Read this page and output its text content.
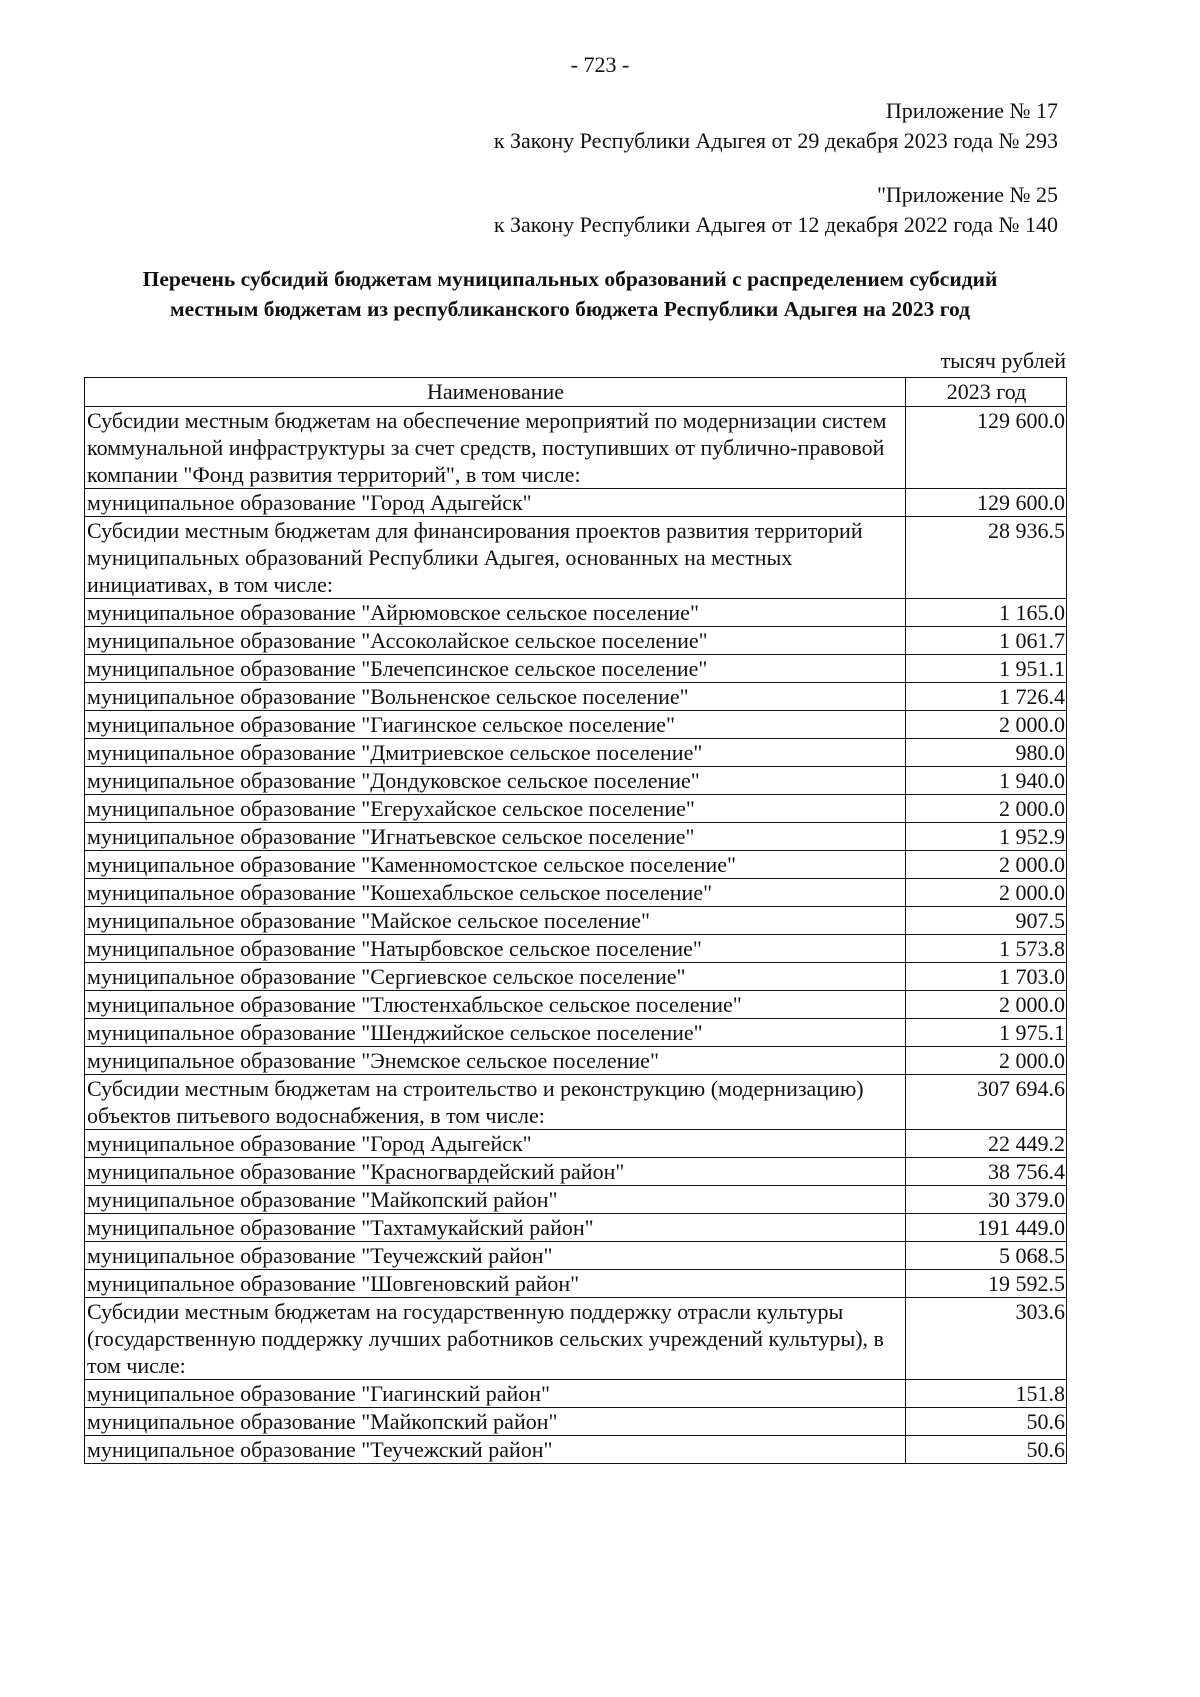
- 723 -
Приложение № 17
к Закону Республики Адыгея от 29 декабря 2023 года № 293
"Приложение № 25
к Закону Республики Адыгея от 12 декабря 2022 года № 140
Перечень субсидий бюджетам муниципальных образований с распределением субсидий
местным бюджетам из республиканского бюджета Республики Адыгея на 2023 год
тысяч рублей
Наименование	2023 год
Субсидии местным бюджетам на обеспечение мероприятий по модернизации систем коммунальной инфраструктуры за счет средств, поступивших от публично-правовой компании "Фонд развития территорий", в том числе:	129 600.0
муниципальное образование "Город Адыгейск"	129 600.0
Субсидии местным бюджетам для финансирования проектов развития территорий муниципальных образований Республики Адыгея, основанных на местных инициативах, в том числе:	28 936.5
муниципальное образование "Айрюмовское сельское поселение"	1 165.0
муниципальное образование "Ассоколайское сельское поселение"	1 061.7
муниципальное образование "Блечепсинское сельское поселение"	1 951.1
муниципальное образование "Вольненское сельское поселение"	1 726.4
муниципальное образование "Гиагинское сельское поселение"	2 000.0
муниципальное образование "Дмитриевское сельское поселение"	980.0
муниципальное образование "Дондуковское сельское поселение"	1 940.0
муниципальное образование "Егерухайское сельское поселение"	2 000.0
муниципальное образование "Игнатьевское сельское поселение"	1 952.9
муниципальное образование "Каменномостское сельское поселение"	2 000.0
муниципальное образование "Кошехабльское сельское поселение"	2 000.0
муниципальное образование "Майское сельское поселение"	907.5
муниципальное образование "Натырбовское сельское поселение"	1 573.8
муниципальное образование "Сергиевское сельское поселение"	1 703.0
муниципальное образование "Тлюстенхабльское сельское поселение"	2 000.0
муниципальное образование "Шенджийское сельское поселение"	1 975.1
муниципальное образование "Энемское сельское поселение"	2 000.0
Субсидии местным бюджетам на строительство и реконструкцию (модернизацию) объектов питьевого водоснабжения, в том числе:	307 694.6
муниципальное образование "Город Адыгейск"	22 449.2
муниципальное образование "Красногвардейский район"	38 756.4
муниципальное образование "Майкопский район"	30 379.0
муниципальное образование "Тахтамукайский район"	191 449.0
муниципальное образование "Теучежский район"	5 068.5
муниципальное образование "Шовгеновский район"	19 592.5
Субсидии местным бюджетам на государственную поддержку отрасли культуры (государственную поддержку лучших работников сельских учреждений культуры), в том числе:	303.6
муниципальное образование "Гиагинский район"	151.8
муниципальное образование "Майкопский район"	50.6
муниципальное образование "Теучежский район"	50.6
